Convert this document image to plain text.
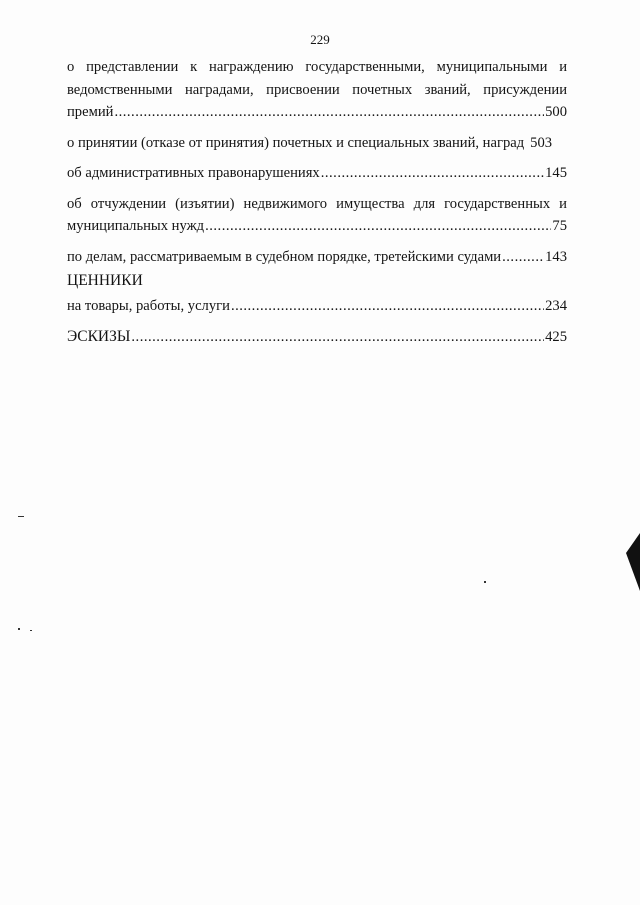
229
о представлении к награждению государственными, муниципальными и
ведомственными наградами, присвоении почетных званий, присуждении
премий .....	500
о принятии (отказе от принятия) почетных и специальных званий, наград 503
об административных правонарушениях .....	145
об отчуждении (изъятии) недвижимого имущества для государственных и
муниципальных нужд .....	75
по делам, рассматриваемым в судебном порядке, третейскими судами .....	143
ЦЕННИКИ
на товары, работы, услуги .....	234
ЭСКИЗЫ .....	425
